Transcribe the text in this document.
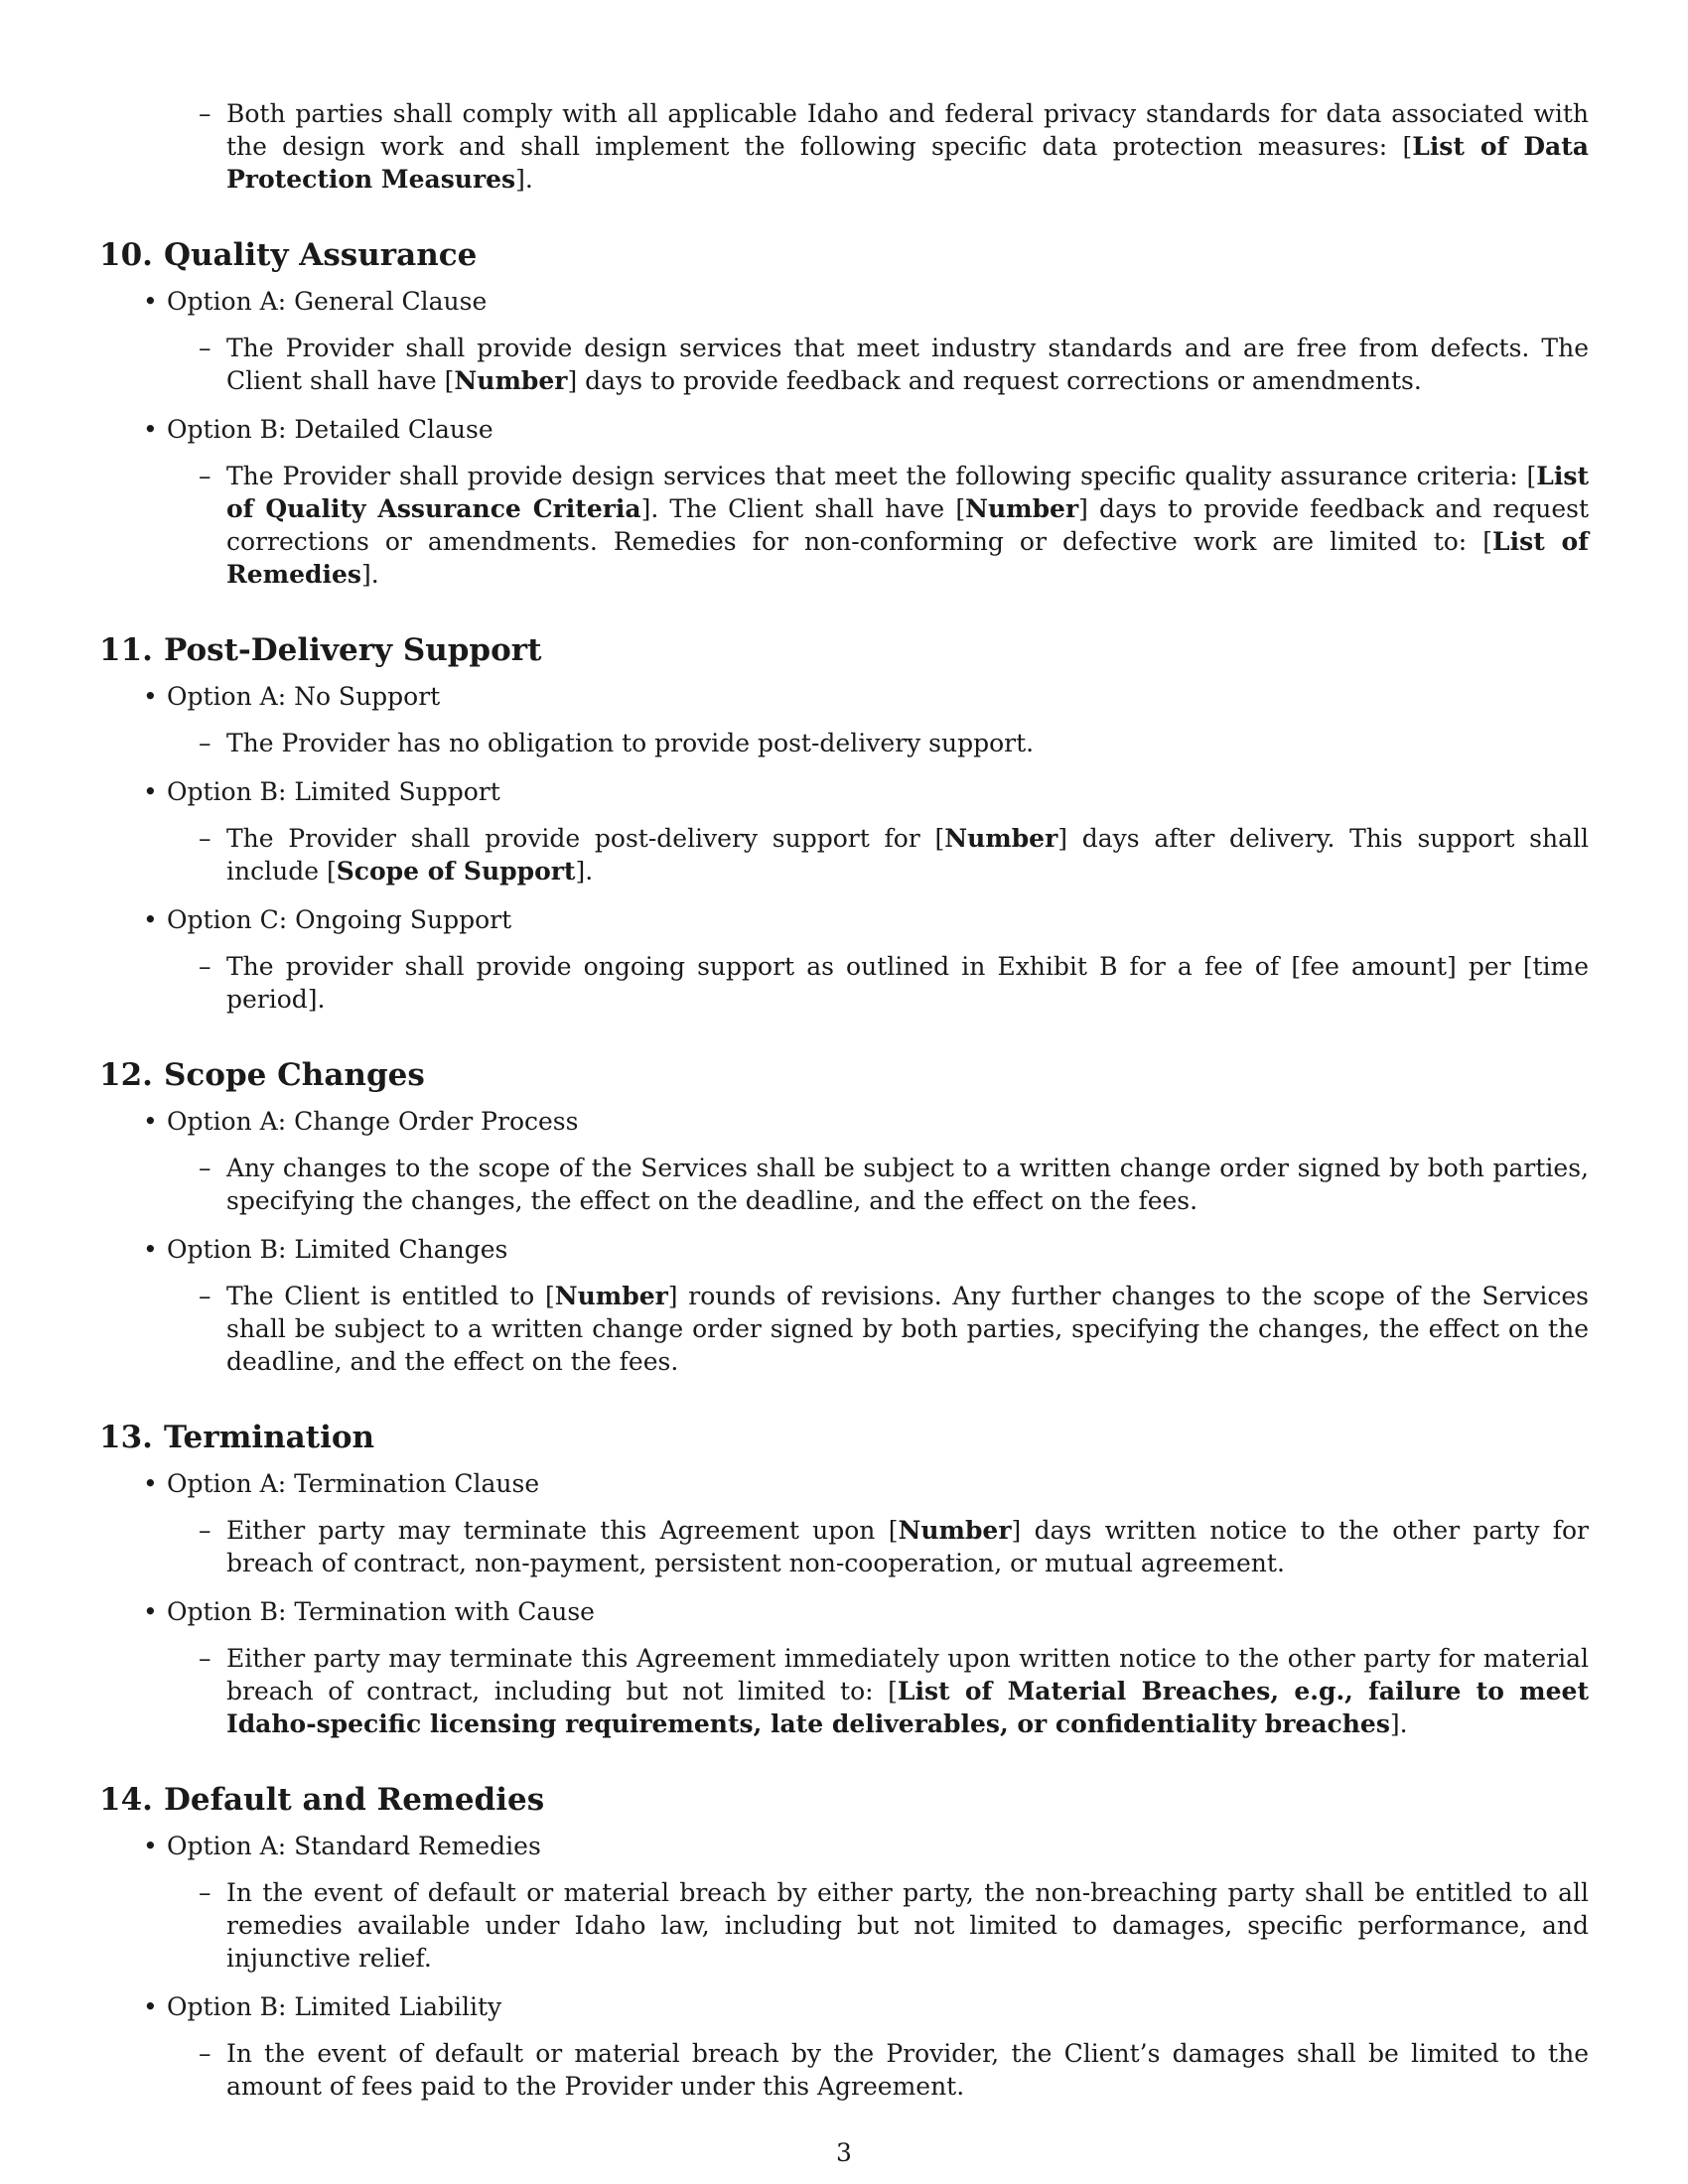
– Both parties shall comply with all applicable Idaho and federal privacy standards for data associated with the design work and shall implement the following specific data protection measures: [List of Data Protection Measures].
10. Quality Assurance
• Option A: General Clause
– The Provider shall provide design services that meet industry standards and are free from defects. The Client shall have [Number] days to provide feedback and request corrections or amendments.
• Option B: Detailed Clause
– The Provider shall provide design services that meet the following specific quality assurance criteria: [List of Quality Assurance Criteria]. The Client shall have [Number] days to provide feedback and request corrections or amendments. Remedies for non-conforming or defective work are limited to: [List of Remedies].
11. Post-Delivery Support
• Option A: No Support
– The Provider has no obligation to provide post-delivery support.
• Option B: Limited Support
– The Provider shall provide post-delivery support for [Number] days after delivery. This support shall include [Scope of Support].
• Option C: Ongoing Support
– The provider shall provide ongoing support as outlined in Exhibit B for a fee of [fee amount] per [time period].
12. Scope Changes
• Option A: Change Order Process
– Any changes to the scope of the Services shall be subject to a written change order signed by both parties, specifying the changes, the effect on the deadline, and the effect on the fees.
• Option B: Limited Changes
– The Client is entitled to [Number] rounds of revisions. Any further changes to the scope of the Services shall be subject to a written change order signed by both parties, specifying the changes, the effect on the deadline, and the effect on the fees.
13. Termination
• Option A: Termination Clause
– Either party may terminate this Agreement upon [Number] days written notice to the other party for breach of contract, non-payment, persistent non-cooperation, or mutual agreement.
• Option B: Termination with Cause
– Either party may terminate this Agreement immediately upon written notice to the other party for material breach of contract, including but not limited to: [List of Material Breaches, e.g., failure to meet Idaho-specific licensing requirements, late deliverables, or confidentiality breaches].
14. Default and Remedies
• Option A: Standard Remedies
– In the event of default or material breach by either party, the non-breaching party shall be entitled to all remedies available under Idaho law, including but not limited to damages, specific performance, and injunctive relief.
• Option B: Limited Liability
– In the event of default or material breach by the Provider, the Client’s damages shall be limited to the amount of fees paid to the Provider under this Agreement.
3
